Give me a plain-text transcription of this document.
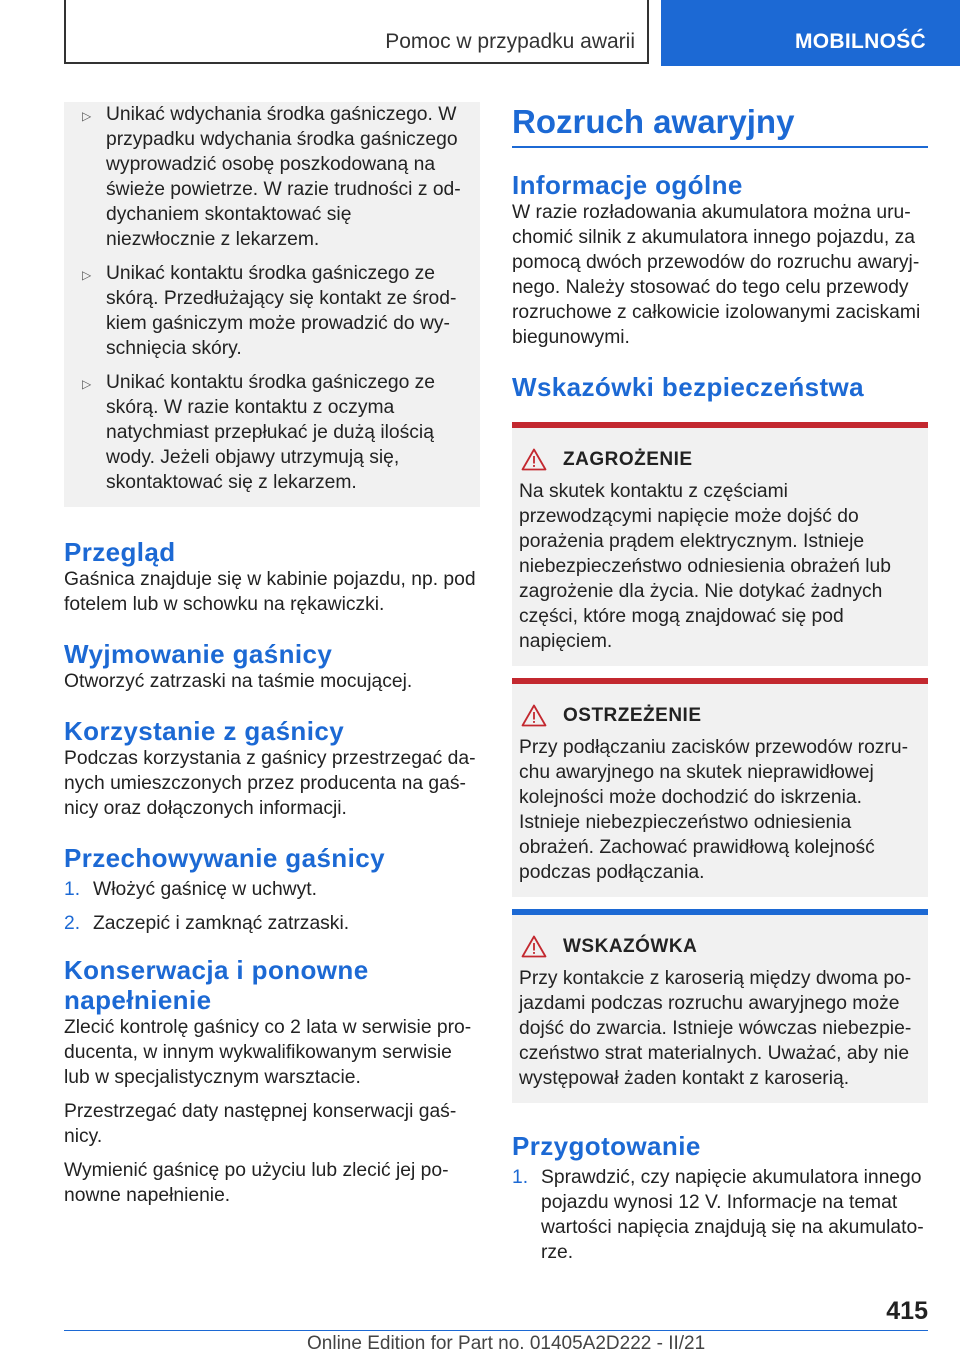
Pomoc w przypadku awarii	MOBILNOŚĆ
▷ Unikać wdychania środka gaśniczego. W przypadku wdychania środka gaśniczego wyprowadzić osobę poszkodowaną na świeże powietrze. W razie trudności z oddychaniem skontaktować się niezwłocznie z lekarzem.
▷ Unikać kontaktu środka gaśniczego ze skórą. Przedłużający się kontakt ze środkiem gaśniczym może prowadzić do wyschnięcia skóry.
▷ Unikać kontaktu środka gaśniczego ze skórą. W razie kontaktu z oczyma natychmiast przepłukać je dużą ilością wody. Jeżeli objawy utrzymują się, skontaktować się z lekarzem.
Przegląd

Gaśnica znajduje się w kabinie pojazdu, np. pod fotelem lub w schowku na rękawiczki.

Wyjmowanie gaśnicy

Otworzyć zatrzaski na taśmie mocującej.

Korzystanie z gaśnicy

Podczas korzystania z gaśnicy przestrzegać danych umieszczonych przez producenta na gaśnicy oraz dołączonych informacji.

Przechowywanie gaśnicy
1. Włożyć gaśnicę w uchwyt.
2. Zaczepić i zamknąć zatrzaski.
Konserwacja i ponowne napełnienie

Zlecić kontrolę gaśnicy co 2 lata w serwisie producenta, w innym wykwalifikowanym serwisie lub w specjalistycznym warsztacie.

Przestrzegać daty następnej konserwacji gaśnicy.

Wymienić gaśnicę po użyciu lub zlecić jej ponowne napełnienie.

Rozruch awaryjny
Informacje ogólne

W razie rozładowania akumulatora można uruchomić silnik z akumulatora innego pojazdu, za pomocą dwóch przewodów do rozruchu awaryjnego. Należy stosować do tego celu przewody rozruchowe z całkowicie izolowanymi zaciskami biegunowymi.

Wskazówki bezpieczeństwa
ZAGROŻENIE

Na skutek kontaktu z częściami przewodzącymi napięcie może dojść do porażenia prądem elektrycznym. Istnieje niebezpieczeństwo odniesienia obrażeń lub zagrożenie dla życia. Nie dotykać żadnych części, które mogą znajdować się pod napięciem.

OSTRZEŻENIE

Przy podłączaniu zacisków przewodów rozruchu awaryjnego na skutek nieprawidłowej kolejności może dochodzić do iskrzenia. Istnieje niebezpieczeństwo odniesienia obrażeń. Zachować prawidłową kolejność podczas podłączania.

WSKAZÓWKA

Przy kontakcie z karoserią między dwoma pojazdami podczas rozruchu awaryjnego może dojść do zwarcia. Istnieje wówczas niebezpieczeństwo strat materialnych. Uważać, aby nie występował żaden kontakt z karoserią.

Przygotowanie
1. Sprawdzić, czy napięcie akumulatora innego pojazdu wynosi 12 V. Informacje na temat wartości napięcia znajdują się na akumulatorze.
415
Online Edition for Part no. 01405A2D222 - II/21
